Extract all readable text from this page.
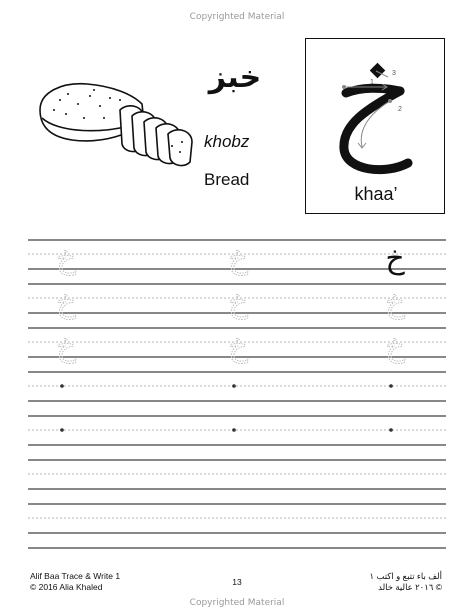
Copyrighted Material
خبز
khobz
Bread
1
2
3
khaa’
خ	خ	خ
خ	خ	خ
خ	خ	خ
Alif Baa Trace & Write 1
© 2016 Alia Khaled	13
ألف باء تتبع و اكتب ١
© ٢٠١٦ عالية خالد
Copyrighted Material
